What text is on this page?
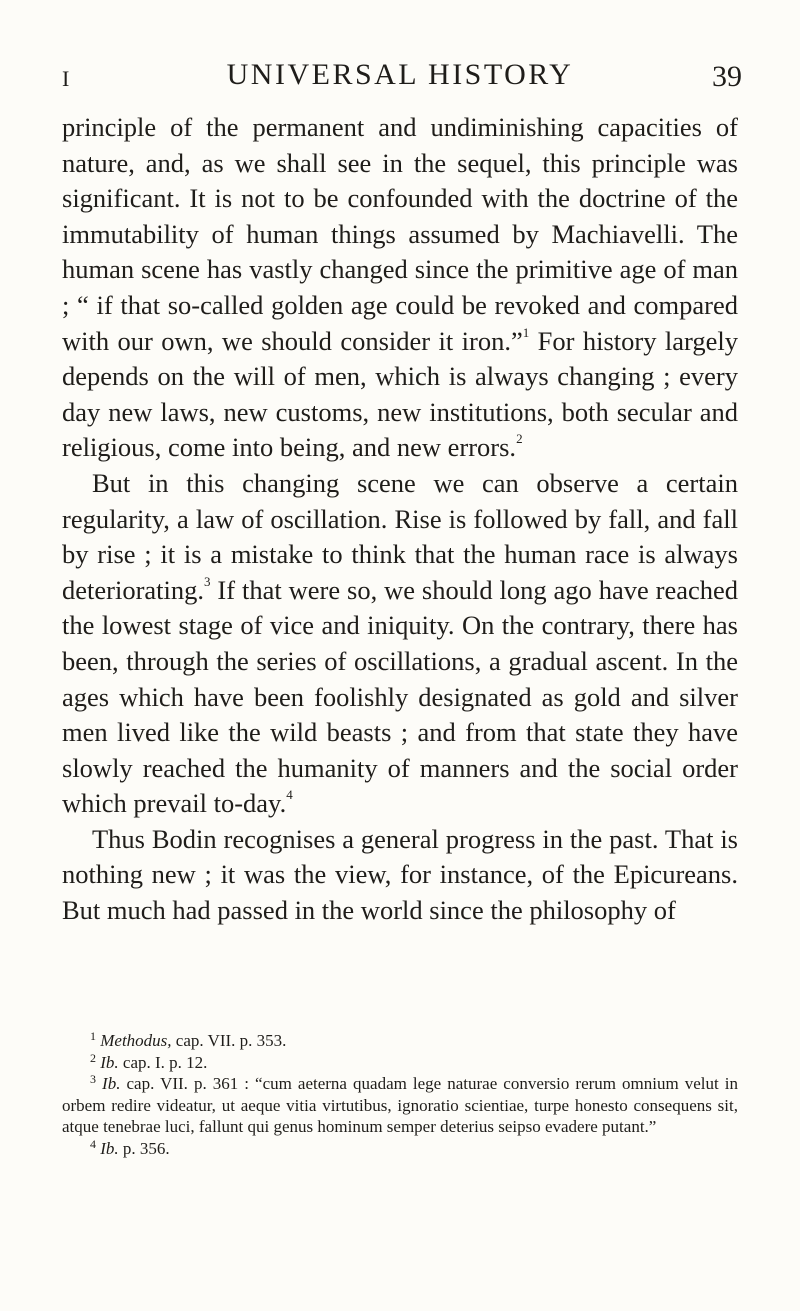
I	UNIVERSAL HISTORY	39

principle of the permanent and undiminishing capacities of nature, and, as we shall see in the sequel, this principle was significant. It is not to be confounded with the doctrine of the immutability of human things assumed by Machiavelli. The human scene has vastly changed since the primitive age of man ; “ if that so-called golden age could be revoked and compared with our own, we should consider it iron.”$^1$ For history largely depends on the will of men, which is always changing ; every day new laws, new customs, new institutions, both secular and religious, come into being, and new errors.$^2$

But in this changing scene we can observe a certain regularity, a law of oscillation. Rise is followed by fall, and fall by rise ; it is a mistake to think that the human race is always deteriorating.$^3$ If that were so, we should long ago have reached the lowest stage of vice and iniquity. On the contrary, there has been, through the series of oscillations, a gradual ascent. In the ages which have been foolishly designated as gold and silver men lived like the wild beasts ; and from that state they have slowly reached the humanity of manners and the social order which prevail to-day.$^4$

Thus Bodin recognises a general progress in the past. That is nothing new ; it was the view, for instance, of the Epicureans. But much had passed in the world since the philosophy of

$^1$ Methodus, cap. VII. p. 353.

$^2$ Ib. cap. I. p. 12.

$^3$ Ib. cap. VII. p. 361 : “cum aeterna quadam lege naturae conversio rerum omnium velut in orbem redire videatur, ut aeque vitia virtutibus, ignoratio scientiae, turpe honesto consequens sit, atque tenebrae luci, fallunt qui genus hominum semper deterius seipso evadere putant.”

$^4$ Ib. p. 356.
